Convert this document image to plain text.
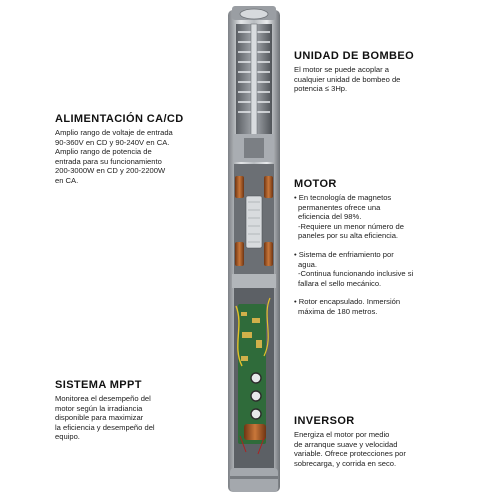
ALIMENTACIÓN CA/CD

Amplio rango de voltaje de entrada
90-360V en CD y 90-240V en CA.
Amplio rango de potencia de
entrada para su funcionamiento
200-3000W en CD y 200-2200W
en CA.

SISTEMA MPPT

Monitorea el desempeño del
motor según la irradiancia
disponible para maximizar
la eficiencia y desempeño del
equipo.

UNIDAD DE BOMBEO

El motor se puede acoplar a
cualquier unidad de bombeo de
potencia ≤ 3Hp.

MOTOR
• En tecnología de magnetos
permanentes ofrece una
eficiencia del 98%.
-Requiere un menor número de
paneles por su alta eficiencia.
• Sistema de enfriamiento por
agua.
-Continua funcionando inclusive si
fallara el sello mecánico.
• Rotor encapsulado. Inmersión
máxima de 180 metros.
INVERSOR

Energiza el motor por medio
de arranque suave y velocidad
variable. Ofrece protecciones por
sobrecarga, y corrida en seco.
